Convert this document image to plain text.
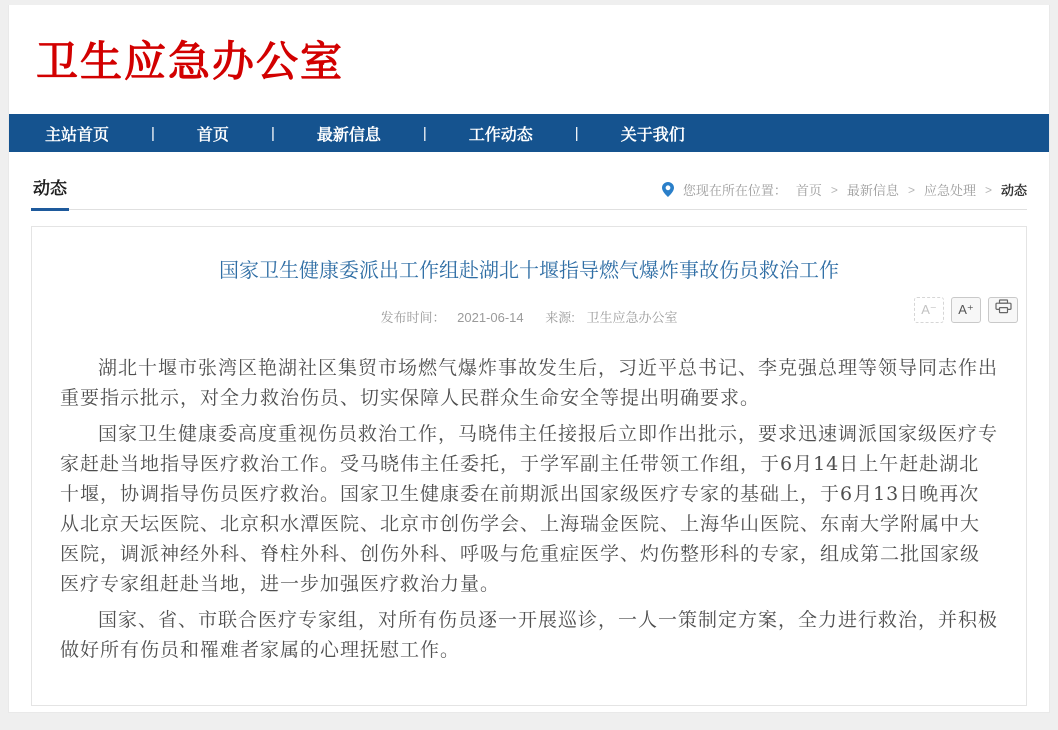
卫生应急办公室
主站首页	|	首页	|	最新信息	|	工作动态	|	关于我们
动态	您现在所在位置： 首页 > 最新信息 > 应急处理 > 动态
国家卫生健康委派出工作组赴湖北十堰指导燃气爆炸事故伤员救治工作
发布时间： 2021-06-14 来源: 卫生应急办公室
A⁻	A⁺

湖北十堰市张湾区艳湖社区集贸市场燃气爆炸事故发生后，习近平总书记、李克强总理等领导同志作出重要指示批示，对全力救治伤员、切实保障人民群众生命安全等提出明确要求。

国家卫生健康委高度重视伤员救治工作，马晓伟主任接报后立即作出批示，要求迅速调派国家级医疗专家赶赴当地指导医疗救治工作。受马晓伟主任委托，于学军副主任带领工作组，于6月14日上午赶赴湖北十堰，协调指导伤员医疗救治。国家卫生健康委在前期派出国家级医疗专家的基础上，于6月13日晚再次从北京天坛医院、北京积水潭医院、北京市创伤学会、上海瑞金医院、上海华山医院、东南大学附属中大医院，调派神经外科、脊柱外科、创伤外科、呼吸与危重症医学、灼伤整形科的专家，组成第二批国家级医疗专家组赶赴当地，进一步加强医疗救治力量。

国家、省、市联合医疗专家组，对所有伤员逐一开展巡诊，一人一策制定方案，全力进行救治，并积极做好所有伤员和罹难者家属的心理抚慰工作。
